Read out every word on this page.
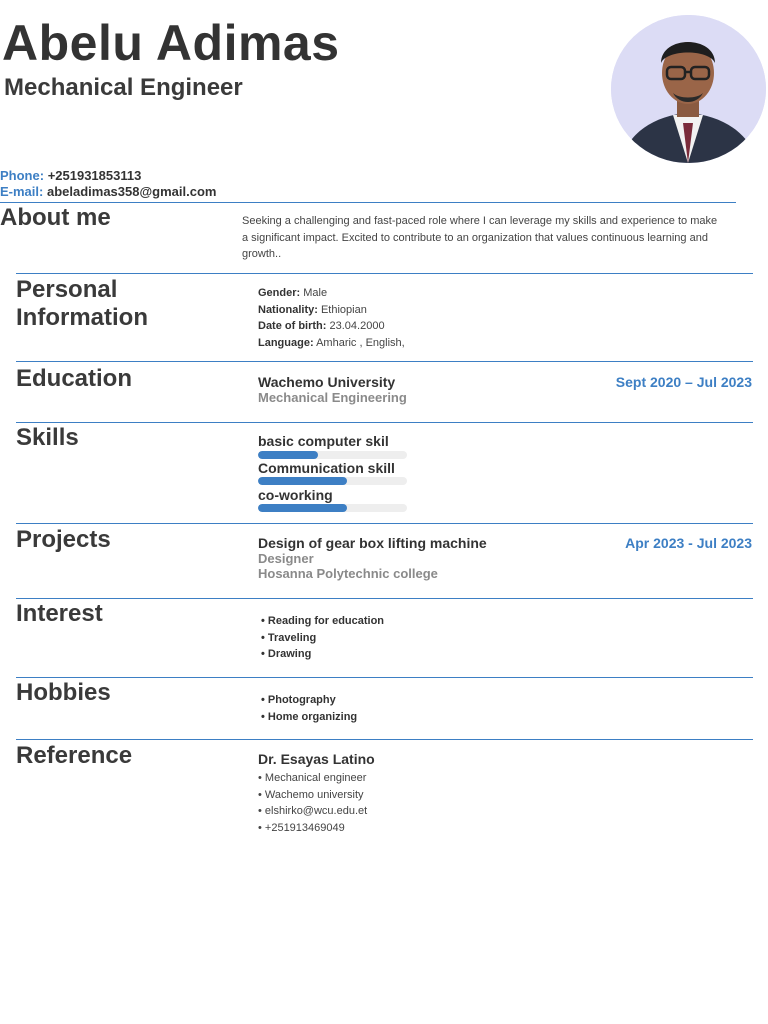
Abelu Adimas
Mechanical Engineer
Phone: +251931853113
E-mail: abeladimas358@gmail.com
About me	Seeking a challenging and fast-paced role where I can leverage my skills and experience to make a significant impact. Excited to contribute to an organization that values continuous learning and growth..
Personal
Information
Gender: Male
Nationality: Ethiopian
Date of birth: 23.04.2000
Language: Amharic , English,
Education	Wachemo University
Mechanical Engineering
Sept 2020 – Jul 2023
Skills	basic computer skil
Communication skill
co-working
Projects	Design of gear box lifting machine
Designer
Hosanna Polytechnic college
Apr 2023 - Jul 2023
Interest	• Reading for education
• Traveling
• Drawing
Hobbies	• Photography
• Home organizing
Reference	Dr. Esayas Latino
• Mechanical engineer
• Wachemo university
• elshirko@wcu.edu.et
• +251913469049
